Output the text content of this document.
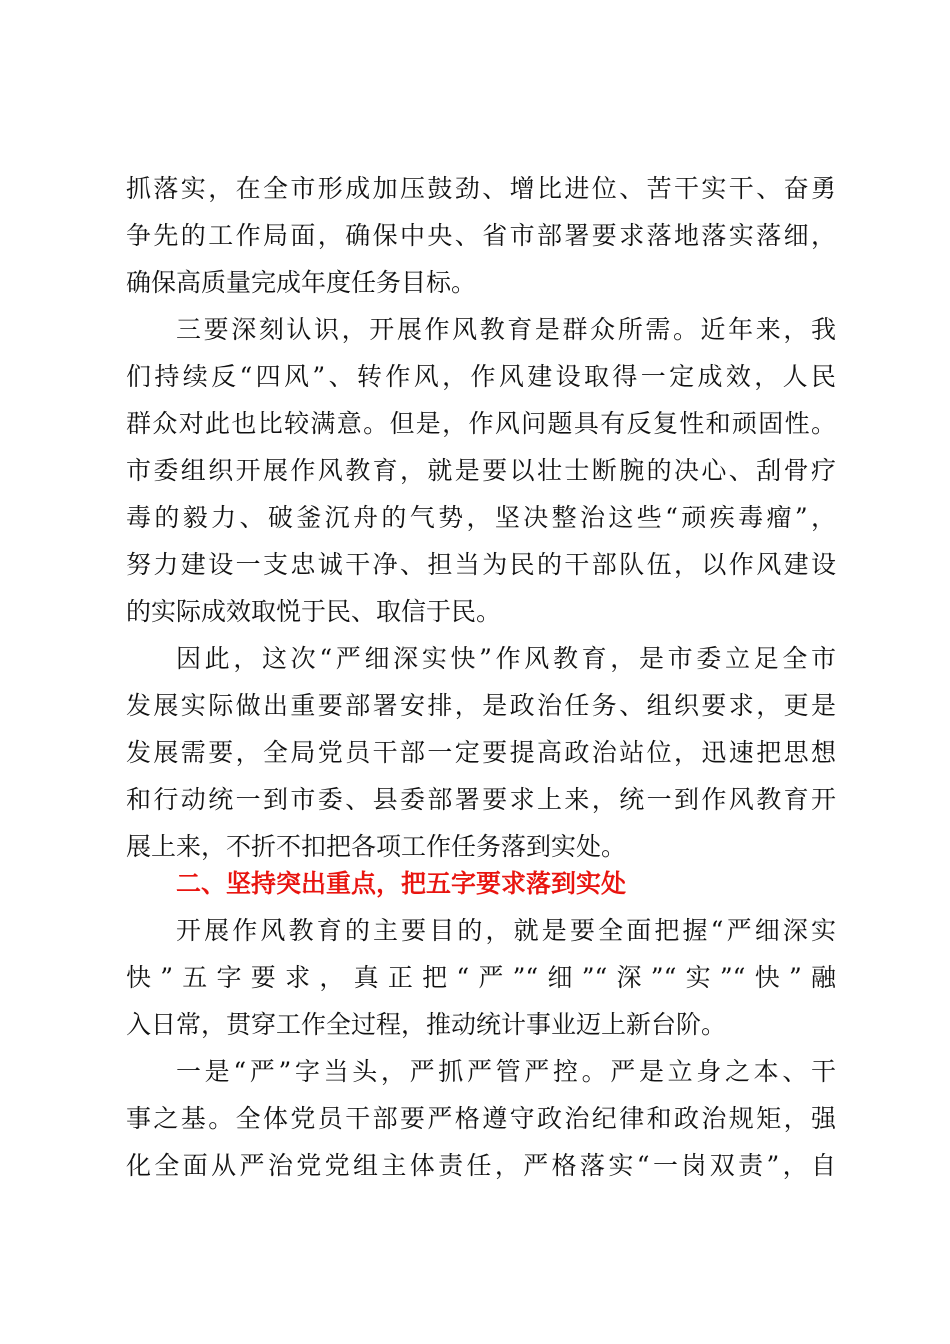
抓落实，在全市形成加压鼓劲、增比进位、苦干实干、奋勇
争先的工作局面，确保中央、省市部署要求落地落实落细，
确保高质量完成年度任务目标。
三要深刻认识，开展作风教育是群众所需。近年来，我
们持续反“四风”、转作风，作风建设取得一定成效，人民
群众对此也比较满意。但是，作风问题具有反复性和顽固性。
市委组织开展作风教育，就是要以壮士断腕的决心、刮骨疗
毒的毅力、破釜沉舟的气势，坚决整治这些“顽疾毒瘤”，
努力建设一支忠诚干净、担当为民的干部队伍，以作风建设
的实际成效取悦于民、取信于民。
因此，这次“严细深实快”作风教育，是市委立足全市
发展实际做出重要部署安排，是政治任务、组织要求，更是
发展需要，全局党员干部一定要提高政治站位，迅速把思想
和行动统一到市委、县委部署要求上来，统一到作风教育开
展上来，不折不扣把各项工作任务落到实处。
二、坚持突出重点，把五字要求落到实处
开展作风教育的主要目的，就是要全面把握“严细深实
快”五字要求，真正把“严”“细”“深”“实”“快”融
入日常，贯穿工作全过程，推动统计事业迈上新台阶。
一是“严”字当头，严抓严管严控。严是立身之本、干
事之基。全体党员干部要严格遵守政治纪律和政治规矩，强
化全面从严治党党组主体责任，严格落实“一岗双责”，自
